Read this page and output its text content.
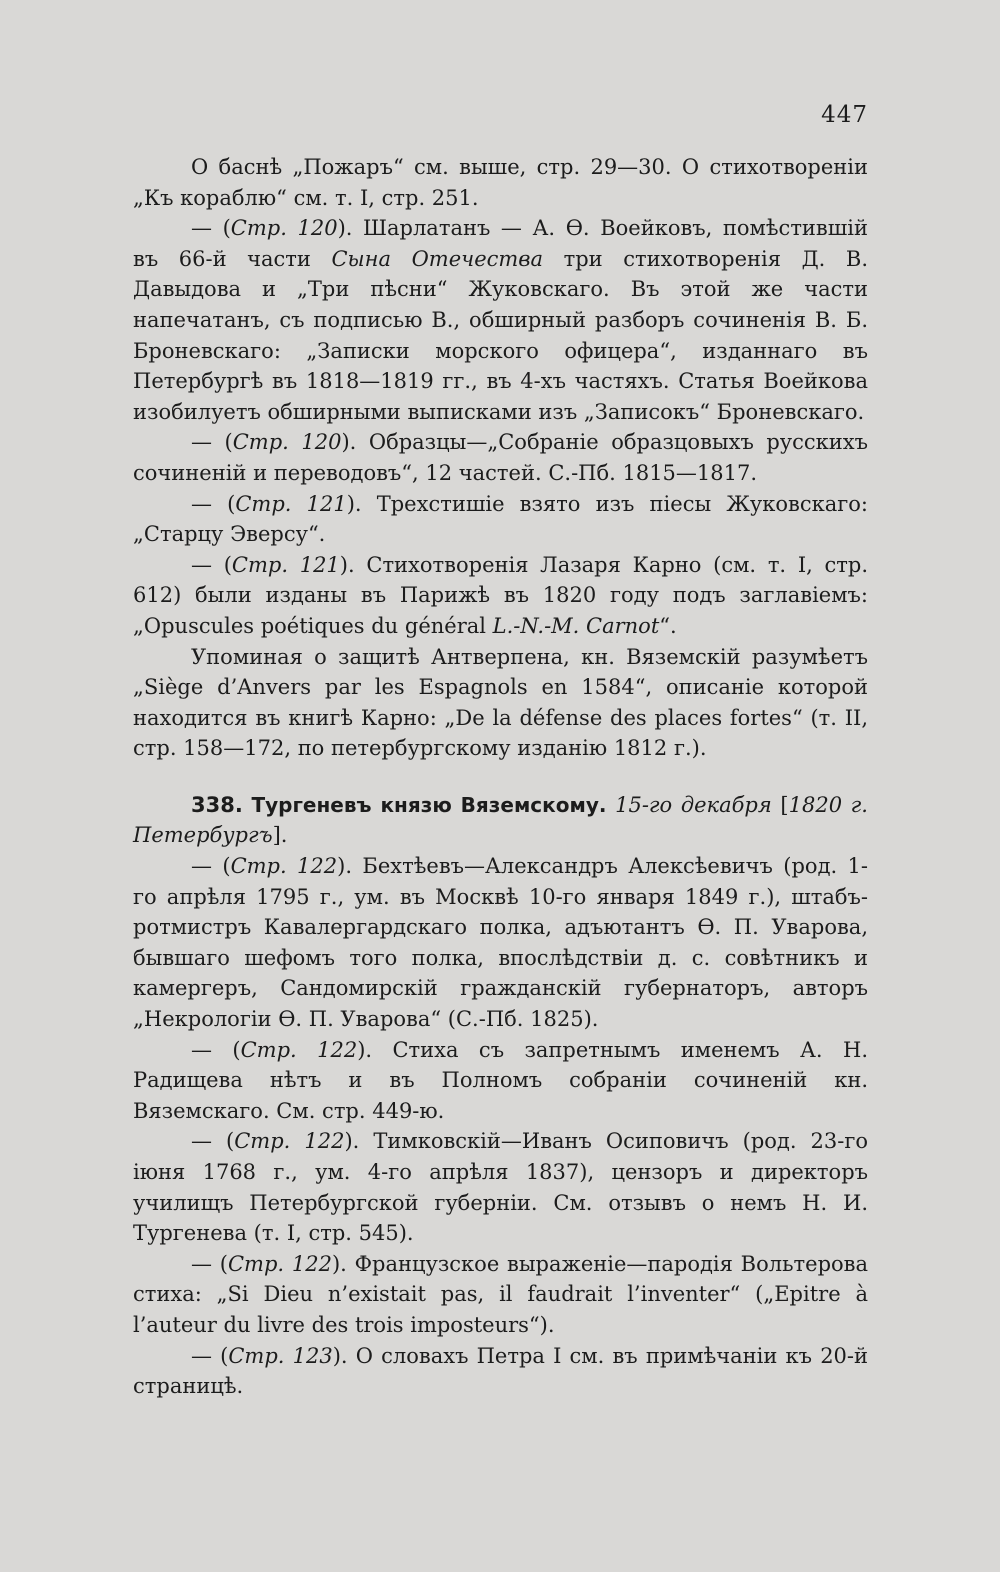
447

О баснѣ „Пожаръ“ см. выше, стр. 29—30. О стихотвореніи „Къ кораблю“ см. т. I, стр. 251.

— (Стр. 120). Шарлатанъ — А. Ѳ. Воейковъ, помѣстившій въ 66-й части Сына Отечества три стихотворенія Д. В. Давыдова и „Три пѣсни“ Жуковскаго. Въ этой же части напечатанъ, съ подписью В., обширный разборъ сочиненія В. Б. Броневскаго: „Записки морского офицера“, изданнаго въ Петербургѣ въ 1818—1819 гг., въ 4-хъ частяхъ. Статья Воейкова изобилуетъ обширными выписками изъ „Записокъ“ Броневскаго.

— (Стр. 120). Образцы—„Собраніе образцовыхъ русскихъ сочиненій и переводовъ“, 12 частей. С.-Пб. 1815—1817.

— (Стр. 121). Трехстишіе взято изъ піесы Жуковскаго: „Старцу Эверсу“.

— (Стр. 121). Стихотворенія Лазаря Карно (см. т. I, стр. 612) были изданы въ Парижѣ въ 1820 году подъ заглавіемъ: „Opuscules poétiques du général L.-N.-M. Carnot“.

Упоминая о защитѣ Антверпена, кн. Вяземскій разумѣетъ „Siège d’Anvers par les Espagnols en 1584“, описаніе которой находится въ книгѣ Карно: „De la défense des places fortes“ (т. II, стр. 158—172, по петербургскому изданію 1812 г.).

338. Тургеневъ князю Вяземскому. 15-го декабря [1820 г. Петербургъ].

— (Стр. 122). Бехтѣевъ—Александръ Алексѣевичъ (род. 1-го апрѣля 1795 г., ум. въ Москвѣ 10-го января 1849 г.), штабъ-ротмистръ Кавалергардскаго полка, адъютантъ Ѳ. П. Уварова, бывшаго шефомъ того полка, впослѣдствіи д. с. совѣтникъ и камергеръ, Сандомирскій гражданскій губернаторъ, авторъ „Некрологіи Ѳ. П. Уварова“ (С.-Пб. 1825).

— (Стр. 122). Стиха съ запретнымъ именемъ А. Н. Радищева нѣтъ и въ Полномъ собраніи сочиненій кн. Вяземскаго. См. стр. 449-ю.

— (Стр. 122). Тимковскій—Иванъ Осиповичъ (род. 23-го іюня 1768 г., ум. 4-го апрѣля 1837), цензоръ и директоръ училищъ Петербургской губерніи. См. отзывъ о немъ Н. И. Тургенева (т. I, стр. 545).

— (Стр. 122). Французское выраженіе—пародія Вольтерова стиха: „Si Dieu n’existait pas, il faudrait l’inventer“ („Epitre à l’auteur du livre des trois imposteurs“).

— (Стр. 123). О словахъ Петра I см. въ примѣчаніи къ 20-й страницѣ.
